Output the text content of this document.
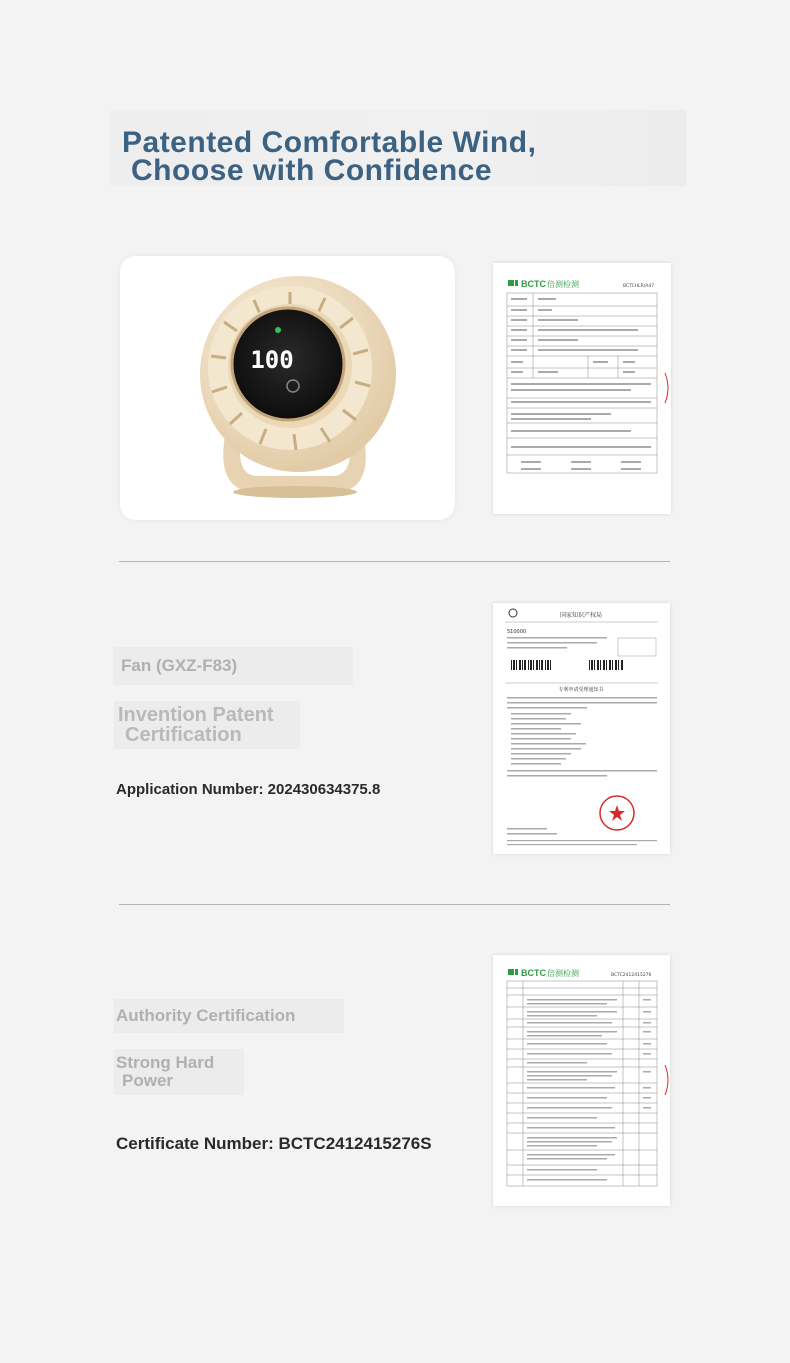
Patented Comfortable Wind,
Choose with Confidence
100
BCTC 倍测检测	BCTCHLR/A47
Fan (GXZ-F83)
Invention Patent
Certification
Application Number: 202430634375.8
国家知识产权局
510000
专利申请受理通知书
Authority Certification
Strong Hard
Power
Certificate Number: BCTC2412415276S
BCTC 倍测检测	BCTC2412415276
